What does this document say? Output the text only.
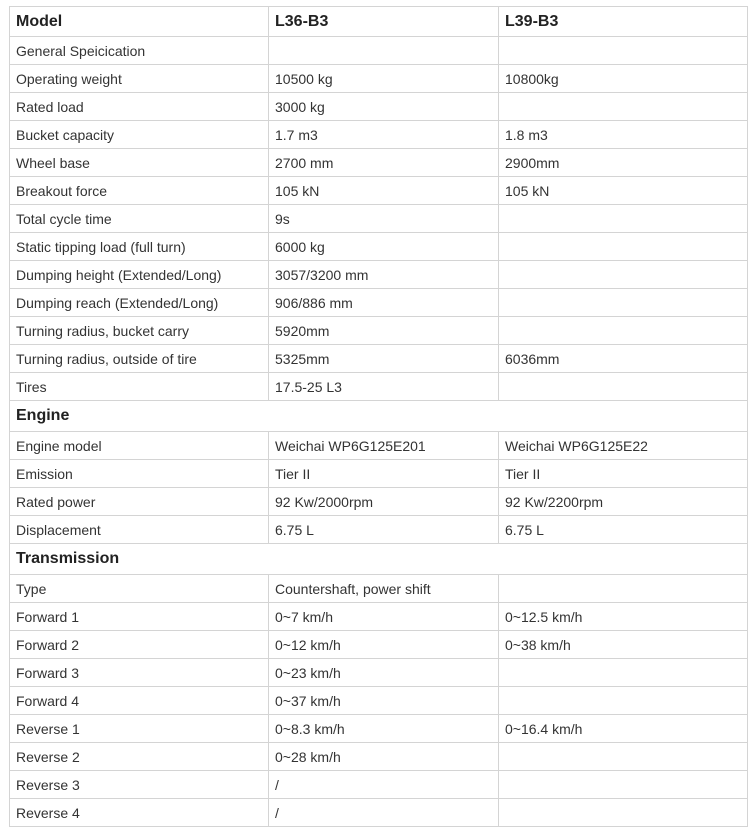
Model	L36-B3	L39-B3
General Speicication		
Operating weight	10500 kg	10800kg
Rated load	3000 kg	
Bucket capacity	1.7 m3	1.8 m3
Wheel base	2700 mm	2900mm
Breakout force	105 kN	105 kN
Total cycle time	9s	
Static tipping load (full turn)	6000 kg	
Dumping height (Extended/Long)	3057/3200 mm	
Dumping reach (Extended/Long)	906/886 mm	
Turning radius, bucket carry	5920mm	
Turning radius, outside of tire	5325mm	6036mm
Tires	17.5-25 L3	
Engine		
Engine model	Weichai WP6G125E201	Weichai WP6G125E22
Emission	Tier II	Tier II
Rated power	92 Kw/2000rpm	92 Kw/2200rpm
Displacement	6.75 L	6.75 L
Transmission		
Type	Countershaft, power shift	
Forward 1	0~7 km/h	0~12.5 km/h
Forward 2	0~12 km/h	0~38 km/h
Forward 3	0~23 km/h	
Forward 4	0~37 km/h	
Reverse 1	0~8.3 km/h	0~16.4 km/h
Reverse 2	0~28 km/h	
Reverse 3	/	
Reverse 4	/	
